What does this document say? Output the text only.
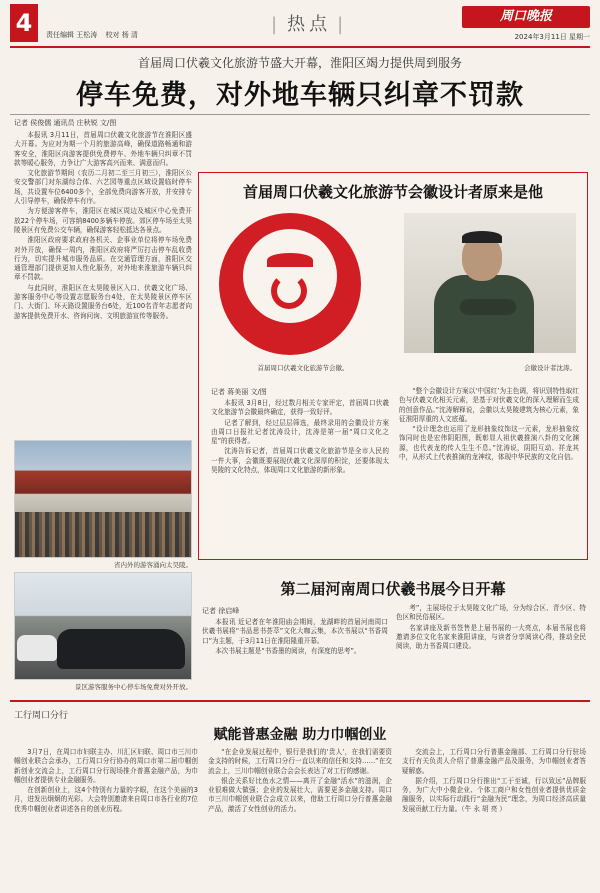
4	责任编辑 王松涛 校对 杨 清
|	热点 |	周口晚报
2024年3月11日 星期一
首届周口伏羲文化旅游节盛大开幕，淮阳区竭力提供周到服务
停车免费，对外地车辆只纠章不罚款
记者 侯俊儒 通讯员 庄秋锐 文/图

本报讯 3月11日，首届周口伏羲文化旅游节在淮阳区盛大开幕。为应对为期一个月的旅游高峰，确保道路畅通和游客安全，淮阳区向游客提供免费停车、外地车辆只纠章不罚款等暖心服务，力争让广大游客高兴而来、满意而归。

文化旅游节期间（农历二月初二至三月初三），淮阳区公安交警部门对东湖综合体、六艺园等重点区域设置临时停车场，共设置车位6400多个，全部免费向游客开放，并安排专人引导停车，确保停车有序。

为方便游客停车，淮阳区在城区周边及城区中心免费开放22个停车场，可容纳8400多辆车停放。郊区停车场至太昊陵景区有免费公交车辆，确保游客轻松抵达各景点。

淮阳区政府要求政府各机关、企事业单位将停车场免费对外开放，确保一周内，淮阳区政府将严厉打击停车乱收费行为，切实提升城市服务品质。在交通管理方面，淮阳区交通管理部门提供更加人性化服务，对外地来淮旅游车辆只纠章不罚款。

与此同时，淮阳区在太昊陵景区入口、伏羲文化广场、游客服务中心等设置志愿服务台4处，在太昊陵景区停车区门、大街门、环天路设置服务台6处，近100名青年志愿者向游客提供免费开水、咨询问询、文明旅游宣传等服务。

省内外的游客涌向太昊陵。
景区游客服务中心停车场免费对外开放。
首届周口伏羲文化旅游节会徽设计者原来是他
首届周口伏羲文化旅游节会徽。	会徽设计者沈涛。
记者 蒋美丽 文/图

本报讯 3月8日，经过数月相关专家评定，首届周口伏羲文化旅游节会徽最终确定，获得一致好评。

记者了解到，经过层层筛选，最终录用的会徽设计方案由周口日报社记者沈涛设计，沈涛是第一届“周口文化之星”的获得者。

沈涛告诉记者，首届周口伏羲文化旅游节是全市人民的一件大事，会徽既要展现伏羲文化深厚的积淀，还要体现太昊陵的文化特点，体现周口文化旅游的新形象。

“整个会徽设计方案以‘中国红’为主色调，将识别特性取红色与伏羲文化相关元素，是基于对伏羲文化的深入理解而生成的创意作品。”沈涛解释说，会徽以太昊陵建筑为核心元素，象征淮阳厚重的人文底蕴。

“设计理念也运用了龙形抽象纹饰这一元素，龙形抽象纹饰同时也是宏伟阴阳图，既彰显人祖伏羲推演八卦的文化渊源，也代表龙的传人生生不息。”沈涛说，阴阳互动、祥龙其中，从形式上代表推演的龙神纹，体现中华民族的文化自信。

第二届河南周口伏羲书展今日开幕
记者 徐启峰

本报讯 近记者在年淮阳庙会期间，龙湖畔的首届河南周口伏羲书展将“书品思书荟萃”文化大咖云集，本次书展以“书香周口”为主题，于3月11日在淮阳隆重开幕。

本次书展主题是“书香墨的阅读，有深度的思考”。

考”，主展场位于太昊陵文化广场，分为综合区、青少区、特色区和民俗展区。

名家讲座及新书签售是上届书展的一大亮点，本届书展也将邀请多位文化名家来淮阳讲座，与读者分享阅读心得，推动全民阅读，助力书香周口建设。

工行周口分行
赋能普惠金融 助力巾帼创业

3月7日，在周口市妇联主办、川汇区妇联、周口市三川巾帼创业联合会承办，工行周口分行协办的周口市第二届巾帼创新创业交流会上，工行周口分行现场推介普惠金融产品，为巾帼创业者提供专业金融服务。

在创新创业上，这4个特别有力量的字眼，在这个美丽的3月，进发出炯炯的光彩。大会特别邀请来自周口市各行业的7位优秀巾帼创业者讲述各自的创业历程。

“在企业发展过程中，银行是我们的‘贵人’，在我们需要资金支持的时候，工行周口分行一直以来的信任和支持……”在交流会上，三川巾帼创业联合会会长表达了对工行的感谢。

银企关系好比鱼水之情——离开了金融“活水”的滋润，企业很难做大做强；企业的发展壮大，需要更多金融支持。周口市三川巾帼创业联合会成立以来，借助工行周口分行普惠金融产品，激活了女性创业的活力。

交流会上，工行周口分行普惠金融部、工行周口分行驻场支行有关负责人介绍了普惠金融产品及服务，为巾帼创业者答疑解惑。

据介绍，工行周口分行推出“工于至诚，行以致远”品牌服务，为广大中小微企业、个体工商户和女性创业者提供优质金融服务，以实际行动践行“金融为民”理念，为周口经济高质量发展贡献工行力量。（牛 永 胡 亮 ）
